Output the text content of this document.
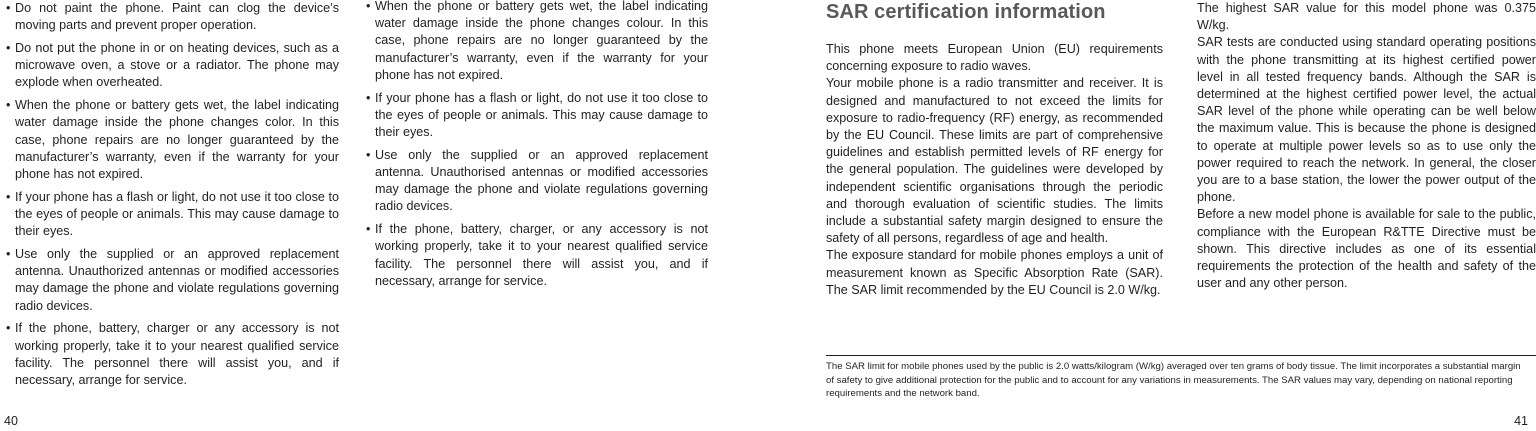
• Do not paint the phone. Paint can clog the device’s moving parts and prevent proper operation.
• Do not put the phone in or on heating devices, such as a microwave oven, a stove or a radiator. The phone may explode when overheated.
• When the phone or battery gets wet, the label indicating water damage inside the phone changes color. In this case, phone repairs are no longer guaranteed by the manufacturer’s warranty, even if the warranty for your phone has not expired.
• If your phone has a flash or light, do not use it too close to the eyes of people or animals. This may cause damage to their eyes.
• Use only the supplied or an approved replacement antenna. Unauthorized antennas or modified accessories may damage the phone and violate regulations governing radio devices.
• If the phone, battery, charger or any accessory is not working properly, take it to your nearest qualified service facility. The personnel there will assist you, and if necessary, arrange for service.
• When the phone or battery gets wet, the label indicating water damage inside the phone changes colour. In this case, phone repairs are no longer guaranteed by the manufacturer’s warranty, even if the warranty for your phone has not expired.
• If your phone has a flash or light, do not use it too close to the eyes of people or animals. This may cause damage to their eyes.
• Use only the supplied or an approved replacement antenna. Unauthorised antennas or modified accessories may damage the phone and violate regulations governing radio devices.
• If the phone, battery, charger, or any accessory is not working properly, take it to your nearest qualified service facility. The personnel there will assist you, and if necessary, arrange for service.
SAR certification information

This phone meets European Union (EU) requirements concerning exposure to radio waves.

Your mobile phone is a radio transmitter and receiver. It is designed and manufactured to not exceed the limits for exposure to radio-frequency (RF) energy, as recommended by the EU Council. These limits are part of comprehensive guidelines and establish permitted levels of RF energy for the general population. The guidelines were developed by independent scientific organisations through the periodic and thorough evaluation of scientific studies. The limits include a substantial safety margin designed to ensure the safety of all persons, regardless of age and health.

The exposure standard for mobile phones employs a unit of measurement known as Specific Absorption Rate (SAR). The SAR limit recommended by the EU Council is 2.0 W/kg.

The highest SAR value for this model phone was 0.375 W/kg.

SAR tests are conducted using standard operating positions with the phone transmitting at its highest certified power level in all tested frequency bands. Although the SAR is determined at the highest certified power level, the actual SAR level of the phone while operating can be well below the maximum value. This is because the phone is designed to operate at multiple power levels so as to use only the power required to reach the network. In general, the closer you are to a base station, the lower the power output of the phone.

Before a new model phone is available for sale to the public, compliance with the European R&TTE Directive must be shown. This directive includes as one of its essential requirements the protection of the health and safety of the user and any other person.

The SAR limit for mobile phones used by the public is 2.0 watts/kilogram (W/kg) averaged over ten grams of body tissue. The limit incorporates a substantial margin of safety to give additional protection for the public and to account for any variations in measurements. The SAR values may vary, depending on national reporting requirements and the network band.
40	41
